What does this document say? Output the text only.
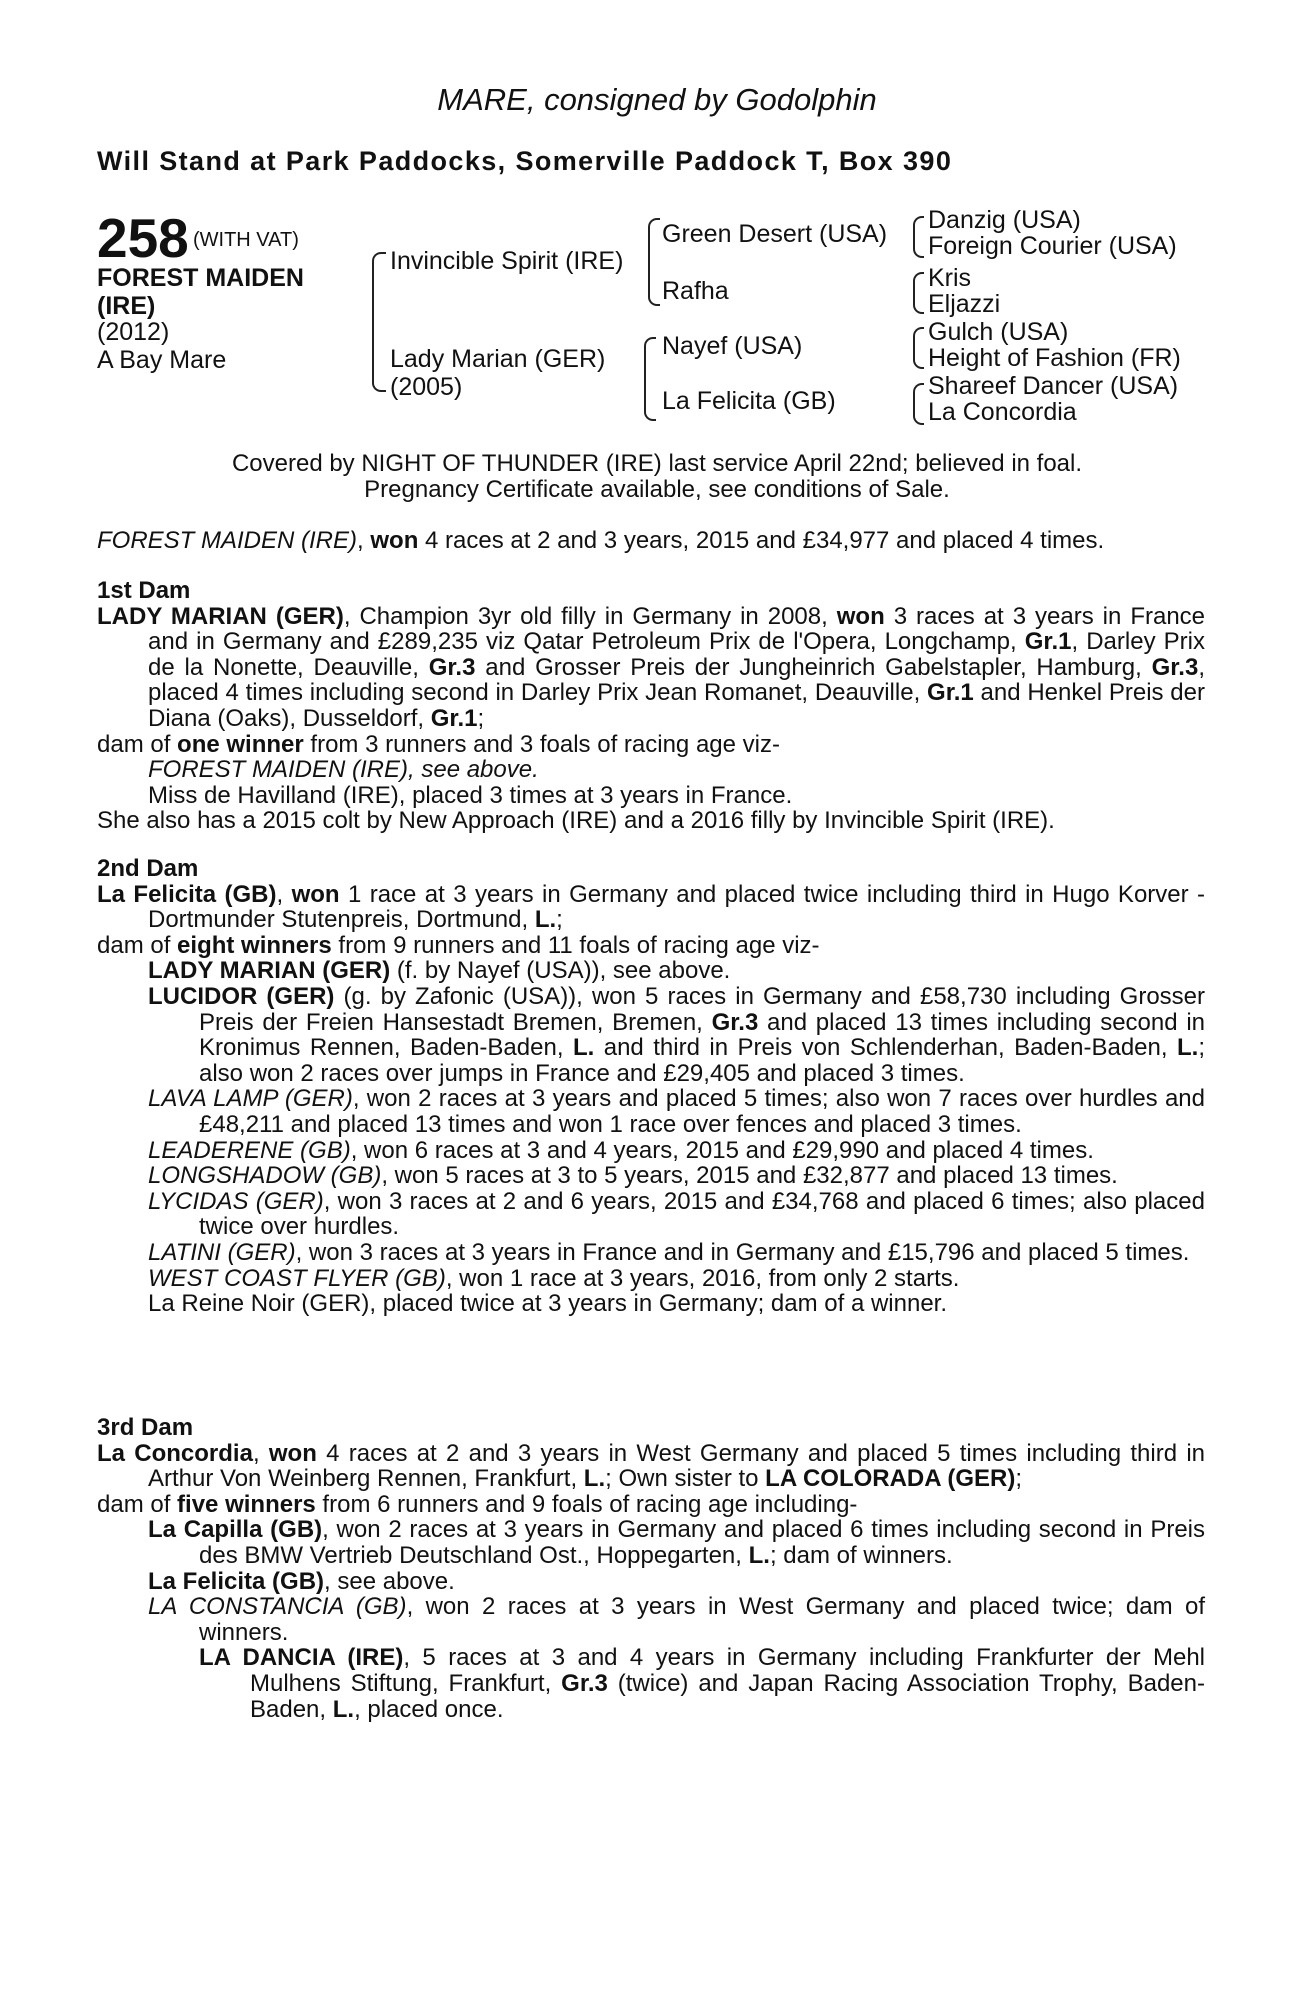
MARE, consigned by Godolphin
Will Stand at Park Paddocks, Somerville Paddock T, Box 390
258 (WITH VAT)
FOREST MAIDEN
(IRE)
(2012)
A Bay Mare
Invincible Spirit (IRE)
Lady Marian (GER)
(2005)
Green Desert (USA)
Rafha
Nayef (USA)
La Felicita (GB)
Danzig (USA)
Foreign Courier (USA)
Kris
Eljazzi
Gulch (USA)
Height of Fashion (FR)
Shareef Dancer (USA)
La Concordia
Covered by NIGHT OF THUNDER (IRE) last service April 22nd; believed in foal.
Pregnancy Certificate available, see conditions of Sale.

FOREST MAIDEN (IRE), won 4 races at 2 and 3 years, 2015 and £34,977 and placed 4 times.

1st Dam

LADY MARIAN (GER), Champion 3yr old filly in Germany in 2008, won 3 races at 3 years in France and in Germany and £289,235 viz Qatar Petroleum Prix de l'Opera, Longchamp, Gr.1, Darley Prix de la Nonette, Deauville, Gr.3 and Grosser Preis der Jungheinrich Gabelstapler, Hamburg, Gr.3, placed 4 times including second in Darley Prix Jean Romanet, Deauville, Gr.1 and Henkel Preis der Diana (Oaks), Dusseldorf, Gr.1;

dam of one winner from 3 runners and 3 foals of racing age viz-

FOREST MAIDEN (IRE), see above.

Miss de Havilland (IRE), placed 3 times at 3 years in France.

She also has a 2015 colt by New Approach (IRE) and a 2016 filly by Invincible Spirit (IRE).

2nd Dam

La Felicita (GB), won 1 race at 3 years in Germany and placed twice including third in Hugo Korver - Dortmunder Stutenpreis, Dortmund, L.;

dam of eight winners from 9 runners and 11 foals of racing age viz-

LADY MARIAN (GER) (f. by Nayef (USA)), see above.

LUCIDOR (GER) (g. by Zafonic (USA)), won 5 races in Germany and £58,730 including Grosser Preis der Freien Hansestadt Bremen, Bremen, Gr.3 and placed 13 times including second in Kronimus Rennen, Baden-Baden, L. and third in Preis von Schlenderhan, Baden-Baden, L.; also won 2 races over jumps in France and £29,405 and placed 3 times.

LAVA LAMP (GER), won 2 races at 3 years and placed 5 times; also won 7 races over hurdles and £48,211 and placed 13 times and won 1 race over fences and placed 3 times.

LEADERENE (GB), won 6 races at 3 and 4 years, 2015 and £29,990 and placed 4 times.

LONGSHADOW (GB), won 5 races at 3 to 5 years, 2015 and £32,877 and placed 13 times.

LYCIDAS (GER), won 3 races at 2 and 6 years, 2015 and £34,768 and placed 6 times; also placed twice over hurdles.

LATINI (GER), won 3 races at 3 years in France and in Germany and £15,796 and placed 5 times.

WEST COAST FLYER (GB), won 1 race at 3 years, 2016, from only 2 starts.

La Reine Noir (GER), placed twice at 3 years in Germany; dam of a winner.

3rd Dam

La Concordia, won 4 races at 2 and 3 years in West Germany and placed 5 times including third in Arthur Von Weinberg Rennen, Frankfurt, L.; Own sister to LA COLORADA (GER);

dam of five winners from 6 runners and 9 foals of racing age including-

La Capilla (GB), won 2 races at 3 years in Germany and placed 6 times including second in Preis des BMW Vertrieb Deutschland Ost., Hoppegarten, L.; dam of winners.

La Felicita (GB), see above.

LA CONSTANCIA (GB), won 2 races at 3 years in West Germany and placed twice; dam of winners.

LA DANCIA (IRE), 5 races at 3 and 4 years in Germany including Frankfurter der Mehl Mulhens Stiftung, Frankfurt, Gr.3 (twice) and Japan Racing Association Trophy, Baden-Baden, L., placed once.
